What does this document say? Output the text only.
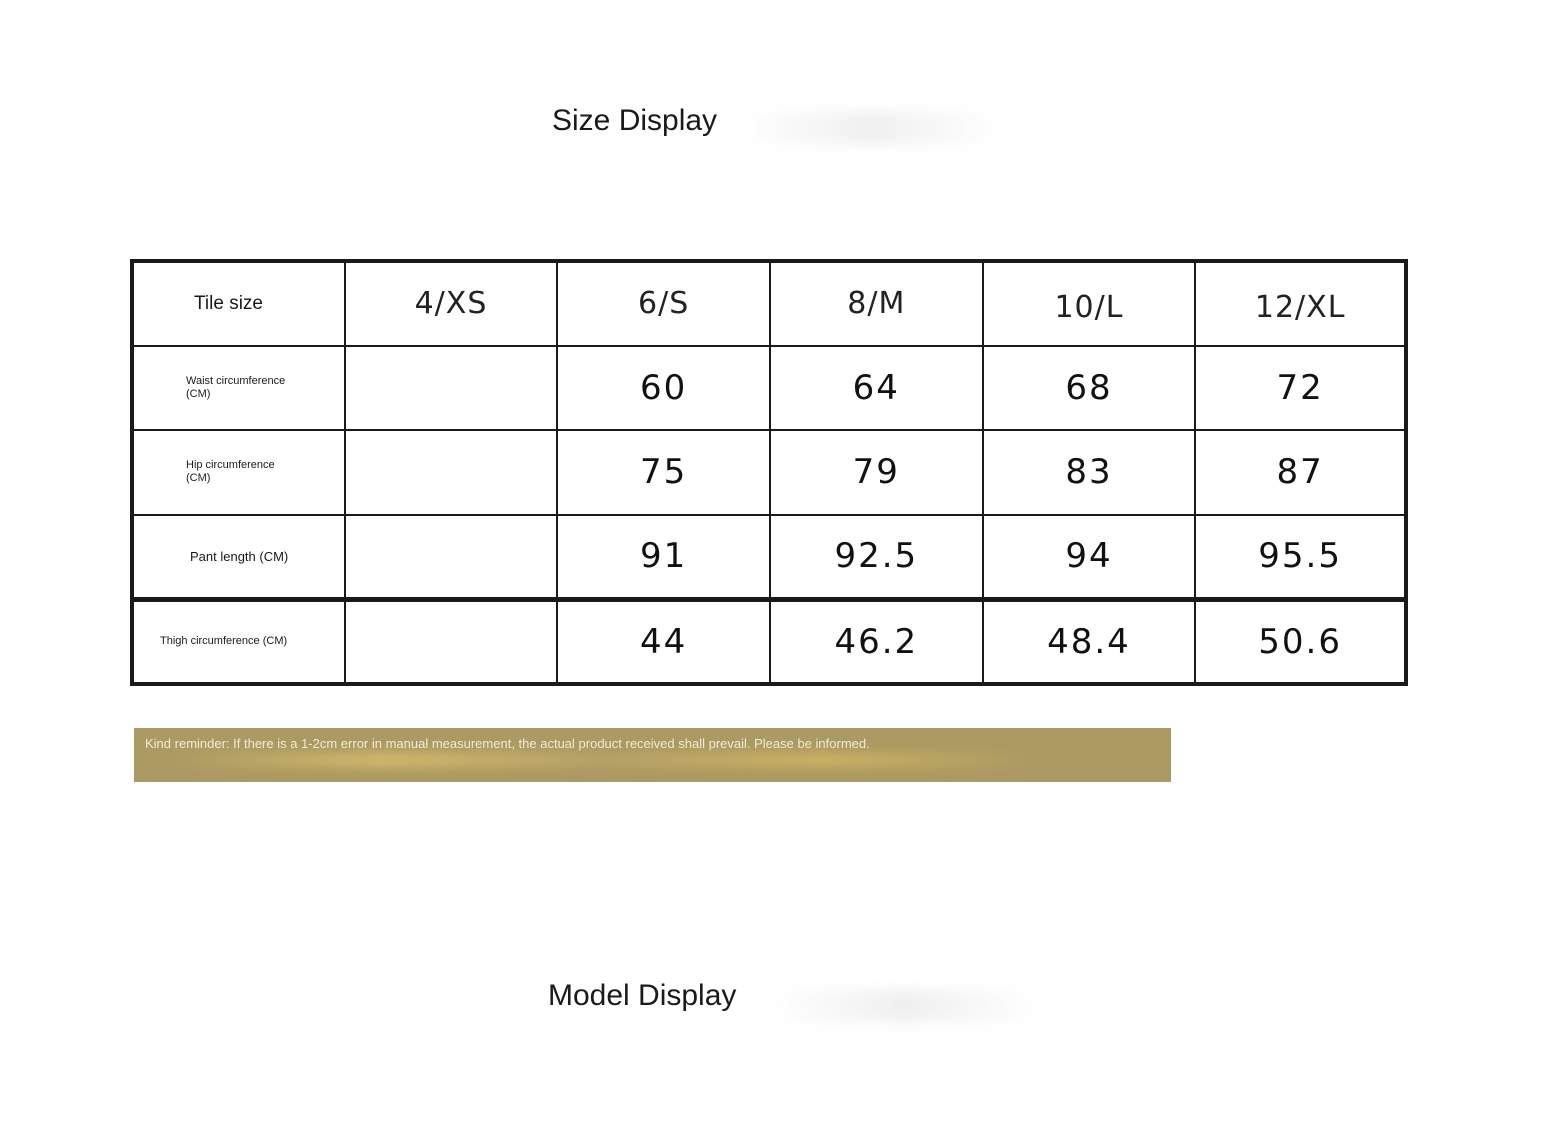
Size Display
Tile size	4/XS	6/S	8/M	10/L	12/XL

Waist circumference
(CM)		60	64	68	72

Hip circumference
(CM)		75	79	83	87

Pant length (CM)		91	92.5	94	95.5

Thigh circumference (CM)		44	46.2	48.4	50.6
Kind reminder: If there is a 1-2cm error in manual measurement, the actual product received shall prevail. Please be informed.
Model Display
